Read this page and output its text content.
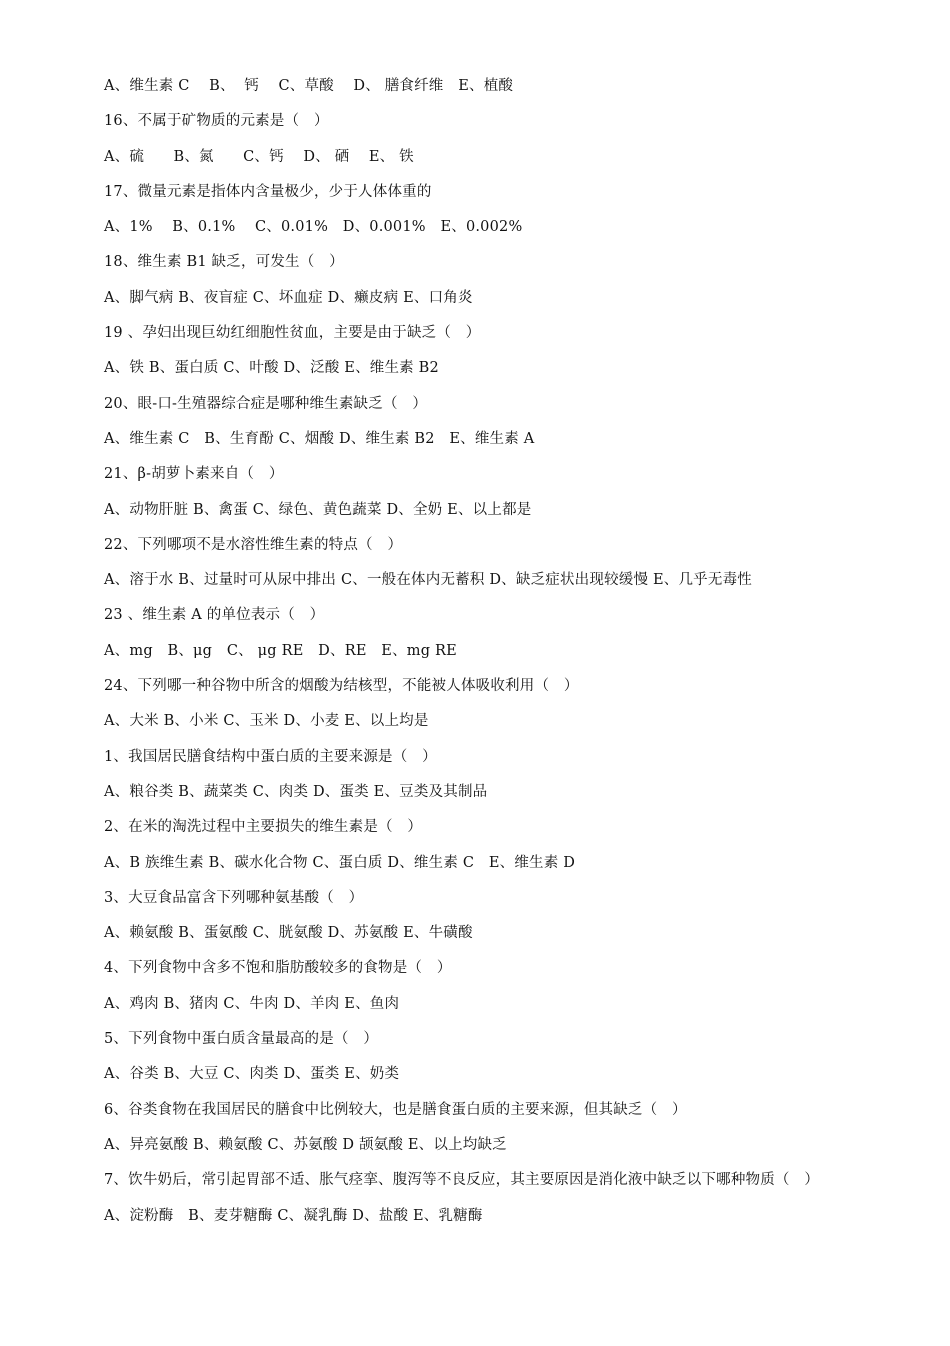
A、维生素 C　 B、  钙　 C、草酸　 D、 膳食纤维　E、植酸
16、不属于矿物质的元素是（　）
A、硫　　B、氮　　C、钙　 D、 硒　 E、 铁
17、微量元素是指体内含量极少，少于人体体重的
A、1%　 B、0.1%　 C、0.01%　D、0.001%　E、0.002%
18、维生素 B1 缺乏，可发生（　）
A、脚气病 B、夜盲症 C、坏血症 D、癞皮病 E、口角炎
19 、孕妇出现巨幼红细胞性贫血，主要是由于缺乏（　）
A、铁 B、蛋白质 C、叶酸 D、泛酸 E、维生素 B2
20、眼-口-生殖器综合症是哪种维生素缺乏（　）
A、维生素 C　B、生育酚 C、烟酸 D、维生素 B2　E、维生素 A
21、β-胡萝卜素来自（　）
A、动物肝脏 B、禽蛋 C、绿色、黄色蔬菜 D、全奶 E、以上都是
22、下列哪项不是水溶性维生素的特点（　）
A、溶于水 B、过量时可从尿中排出 C、一般在体内无蓄积 D、缺乏症状出现较缓慢 E、几乎无毒性
23 、维生素 A 的单位表示（　）
A、mg　B、μg　C、 μg RE　D、RE　E、mg RE
24、下列哪一种谷物中所含的烟酸为结核型，不能被人体吸收利用（　）
A、大米 B、小米 C、玉米 D、小麦 E、以上均是
1、我国居民膳食结构中蛋白质的主要来源是（　）
A、粮谷类 B、蔬菜类 C、肉类 D、蛋类 E、豆类及其制品
2、在米的淘洗过程中主要损失的维生素是（　）
A、B 族维生素 B、碳水化合物 C、蛋白质 D、维生素 C　E、维生素 D
3、大豆食品富含下列哪种氨基酸（　）
A、赖氨酸 B、蛋氨酸 C、胱氨酸 D、苏氨酸 E、牛磺酸
4、下列食物中含多不饱和脂肪酸较多的食物是（　）
A、鸡肉 B、猪肉 C、牛肉 D、羊肉 E、鱼肉
5、下列食物中蛋白质含量最高的是（　）
A、谷类 B、大豆 C、肉类 D、蛋类 E、奶类
6、谷类食物在我国居民的膳食中比例较大，也是膳食蛋白质的主要来源，但其缺乏（　）
A、异亮氨酸 B、赖氨酸 C、苏氨酸 D 颉氨酸 E、以上均缺乏
7、饮牛奶后，常引起胃部不适、胀气痉挛、腹泻等不良反应，其主要原因是消化液中缺乏以下哪种物质（　）
A、淀粉酶　B、麦芽糖酶 C、凝乳酶 D、盐酸 E、乳糖酶
